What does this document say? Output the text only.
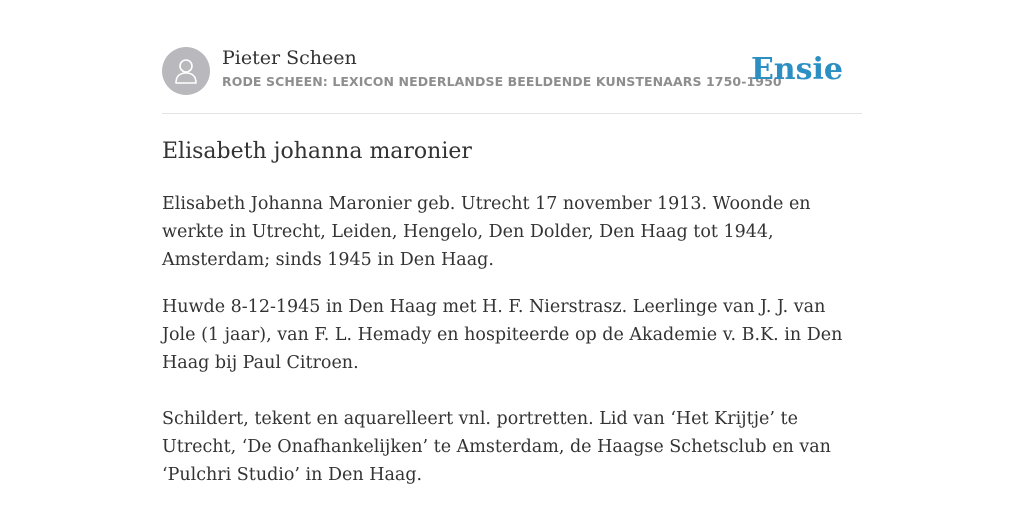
Pieter Scheen
RODE SCHEEN: LEXICON NEDERLANDSE BEELDENDE KUNSTENAARS 1750-1950
Ensie
Elisabeth johanna maronier

Elisabeth Johanna Maronier geb. Utrecht 17 november 1913. Woonde en werkte in Utrecht, Leiden, Hengelo, Den Dolder, Den Haag tot 1944, Amsterdam; sinds 1945 in Den Haag.

Huwde 8-12-1945 in Den Haag met H. F. Nierstrasz. Leerlinge van J. J. van Jole (1 jaar), van F. L. Hemady en hospiteerde op de Akademie v. B.K. in Den Haag bij Paul Citroen.

Schildert, tekent en aquarelleert vnl. portretten. Lid van ‘Het Krijtje’ te Utrecht, ‘De Onafhankelijken’ te Amsterdam, de Haagse Schetsclub en van ‘Pulchri Studio’ in Den Haag.
